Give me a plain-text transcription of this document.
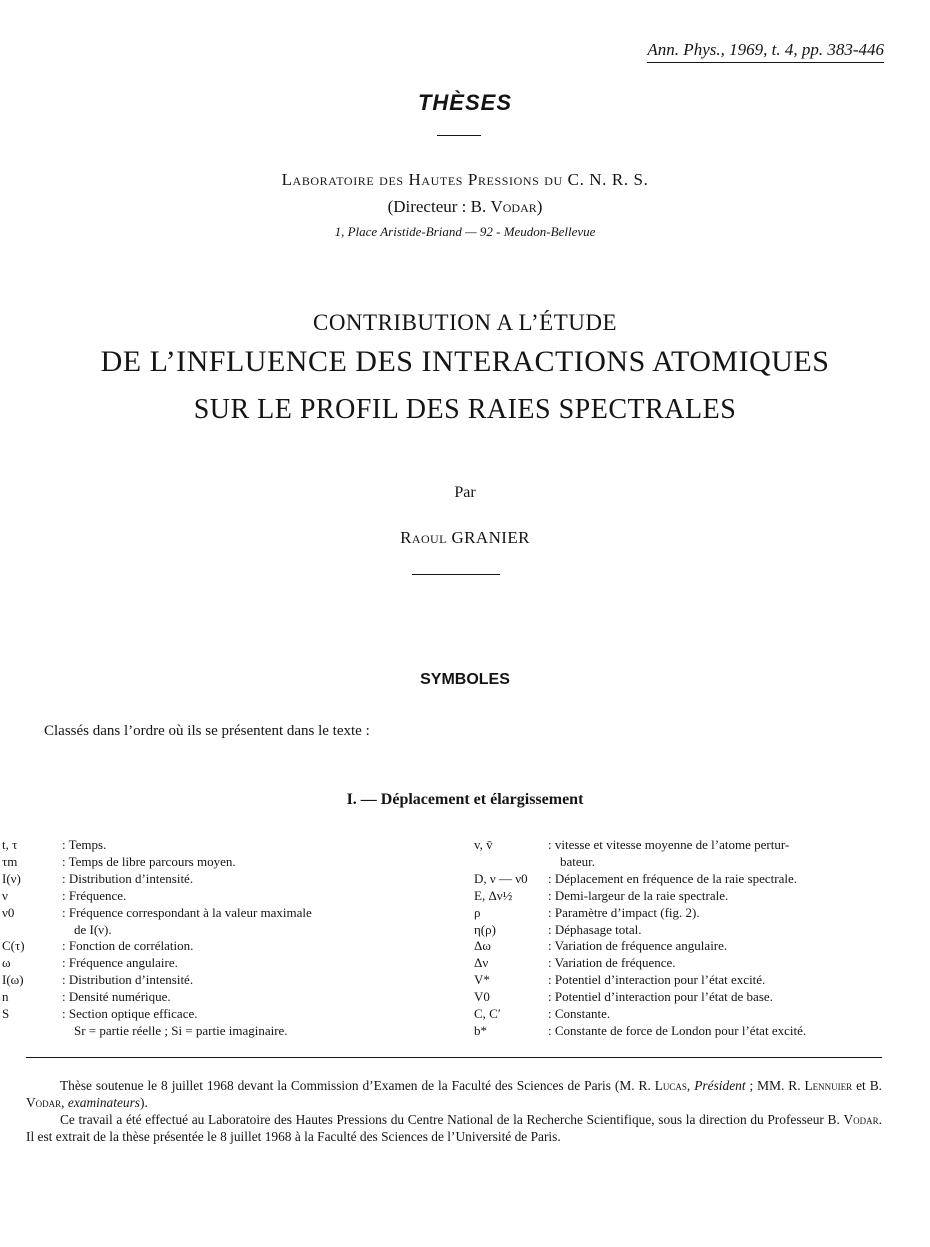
Ann. Phys., 1969, t. 4, pp. 383-446
THÈSES
Laboratoire des Hautes Pressions du C. N. R. S.
(Directeur : B. Vodar)
1, Place Aristide-Briand — 92 - Meudon-Bellevue
CONTRIBUTION A L’ÉTUDE
DE L’INFLUENCE DES INTERACTIONS ATOMIQUES
SUR LE PROFIL DES RAIES SPECTRALES
Par
Raoul GRANIER
SYMBOLES
Classés dans l’ordre où ils se présentent dans le texte :
I. — Déplacement et élargissement
t, τ	: Temps.
τm	: Temps de libre parcours moyen.
I(ν)	: Distribution d’intensité.
ν	: Fréquence.
ν0	: Fréquence correspondant à la valeur maximale
de I(ν).
C(τ)	: Fonction de corrélation.
ω	: Fréquence angulaire.
I(ω)	: Distribution d’intensité.
n	: Densité numérique.
S	: Section optique efficace.
Sr = partie réelle ; Si = partie imaginaire.
v, v̄	: vitesse et vitesse moyenne de l’atome pertur-
bateur.
D, ν — ν0	: Déplacement en fréquence de la raie spectrale.
E, Δν½	: Demi-largeur de la raie spectrale.
ρ	: Paramètre d’impact (fig. 2).
η(ρ)	: Déphasage total.
Δω	: Variation de fréquence angulaire.
Δν	: Variation de fréquence.
V*	: Potentiel d’interaction pour l’état excité.
V0	: Potentiel d’interaction pour l’état de base.
C, C′	: Constante.
b*	: Constante de force de London pour l’état excité.

Thèse soutenue le 8 juillet 1968 devant la Commission d’Examen de la Faculté des Sciences de Paris (M. R. Lucas, Président ; MM. R. Lennuier et B. Vodar, examinateurs).

Ce travail a été effectué au Laboratoire des Hautes Pressions du Centre National de la Recherche Scientifique, sous la direction du Professeur B. Vodar. Il est extrait de la thèse présentée le 8 juillet 1968 à la Faculté des Sciences de l’Université de Paris.
